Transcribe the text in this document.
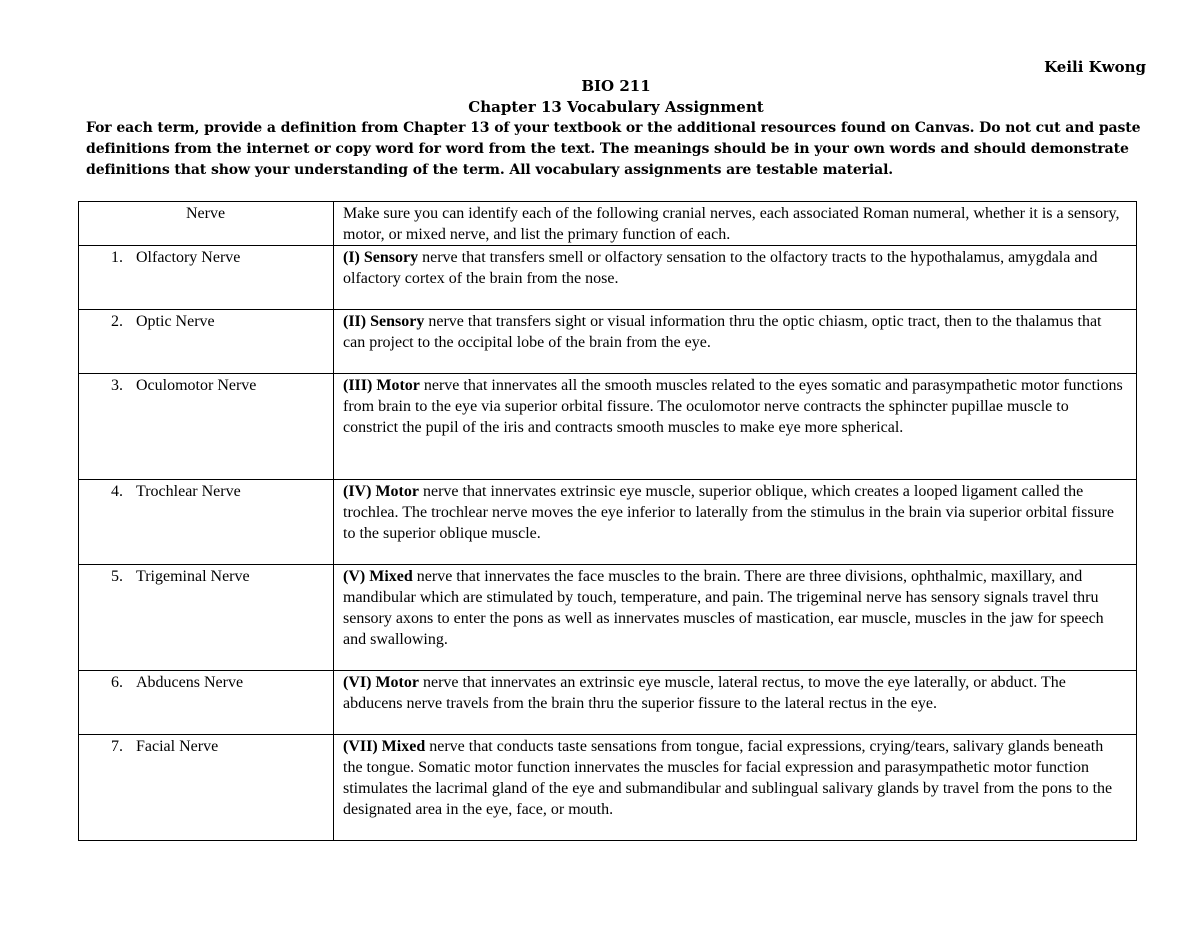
Keili Kwong
BIO 211
Chapter 13 Vocabulary Assignment
For each term, provide a definition from Chapter 13 of your textbook or the additional resources found on Canvas. Do not cut and paste definitions from the internet or copy word for word from the text. The meanings should be in your own words and should demonstrate definitions that show your understanding of the term. All vocabulary assignments are testable material.
Nerve	Make sure you can identify each of the following cranial nerves, each associated Roman numeral, whether it is a sensory, motor, or mixed nerve, and list the primary function of each.
1. Olfactory Nerve	(I) Sensory nerve that transfers smell or olfactory sensation to the olfactory tracts to the hypothalamus, amygdala and olfactory cortex of the brain from the nose.
2. Optic Nerve	(II) Sensory nerve that transfers sight or visual information thru the optic chiasm, optic tract, then to the thalamus that can project to the occipital lobe of the brain from the eye.
3. Oculomotor Nerve	(III) Motor nerve that innervates all the smooth muscles related to the eyes somatic and parasympathetic motor functions from brain to the eye via superior orbital fissure. The oculomotor nerve contracts the sphincter pupillae muscle to constrict the pupil of the iris and contracts smooth muscles to make eye more spherical.
4. Trochlear Nerve	(IV) Motor nerve that innervates extrinsic eye muscle, superior oblique, which creates a looped ligament called the trochlea. The trochlear nerve moves the eye inferior to laterally from the stimulus in the brain via superior orbital fissure to the superior oblique muscle.
5. Trigeminal Nerve	(V) Mixed nerve that innervates the face muscles to the brain. There are three divisions, ophthalmic, maxillary, and mandibular which are stimulated by touch, temperature, and pain. The trigeminal nerve has sensory signals travel thru sensory axons to enter the pons as well as innervates muscles of mastication, ear muscle, muscles in the jaw for speech and swallowing.
6. Abducens Nerve	(VI) Motor nerve that innervates an extrinsic eye muscle, lateral rectus, to move the eye laterally, or abduct. The abducens nerve travels from the brain thru the superior fissure to the lateral rectus in the eye.
7. Facial Nerve	(VII) Mixed nerve that conducts taste sensations from tongue, facial expressions, crying/tears, salivary glands beneath the tongue. Somatic motor function innervates the muscles for facial expression and parasympathetic motor function stimulates the lacrimal gland of the eye and submandibular and sublingual salivary glands by travel from the pons to the designated area in the eye, face, or mouth.
